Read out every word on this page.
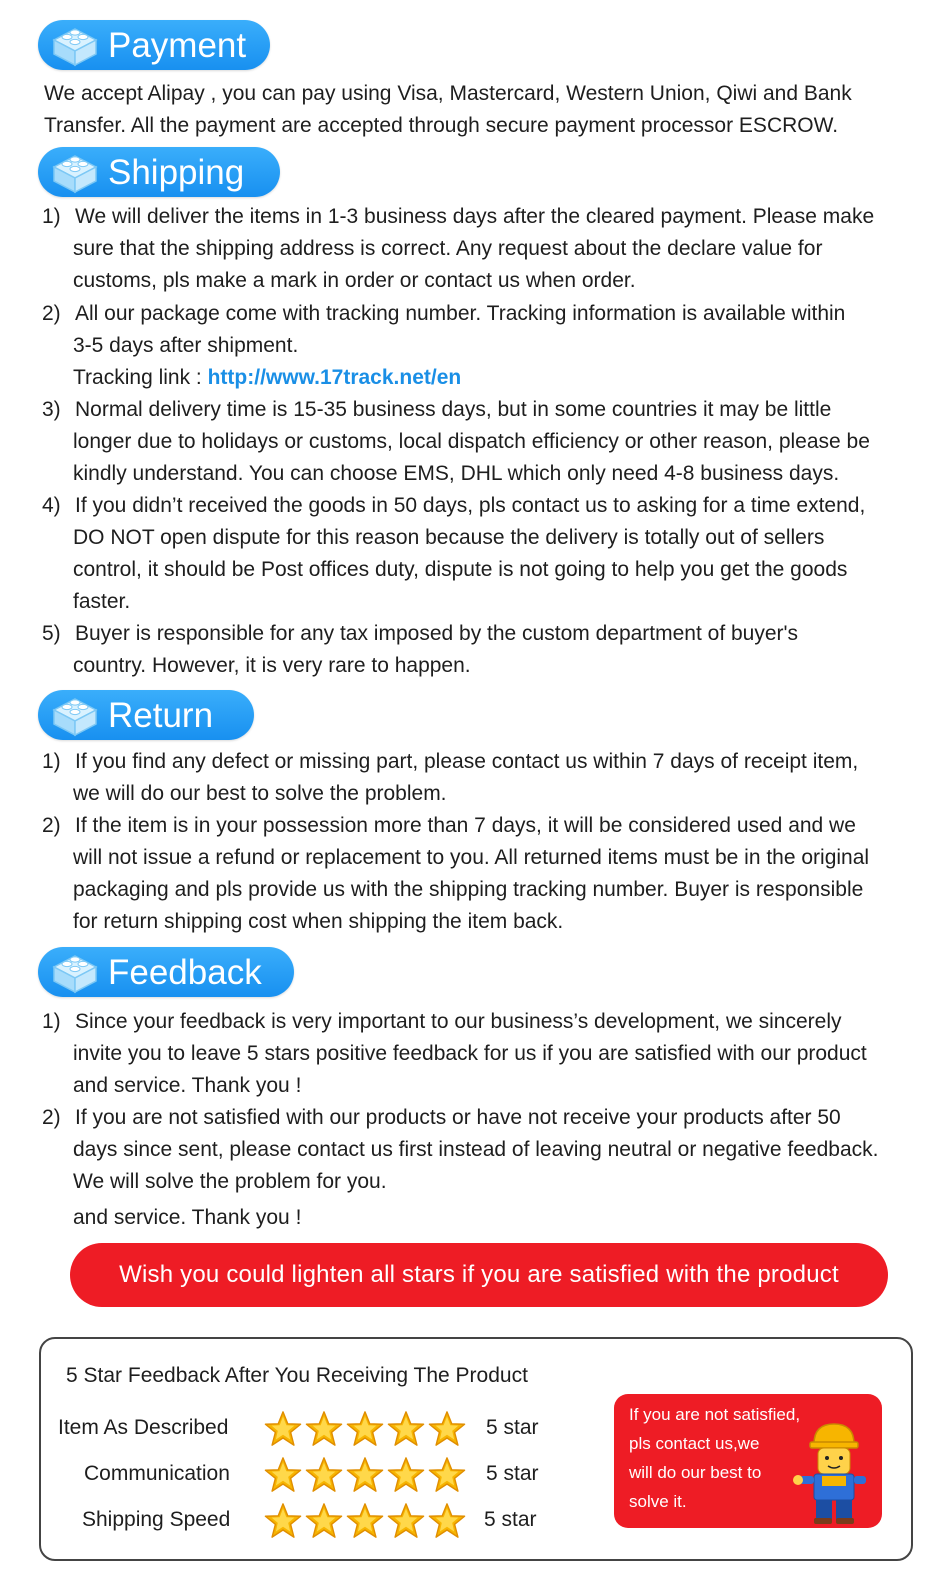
Payment
We accept Alipay , you can pay using Visa, Mastercard, Western Union, Qiwi and Bank
Transfer. All the payment are accepted through secure payment processor ESCROW.
Shipping
1) We will deliver the items in 1-3 business days after the cleared payment. Please make
sure that the shipping address is correct. Any request about the declare value for
customs, pls make a mark in order or contact us when order.
2) All our package come with tracking number. Tracking information is available within
3-5 days after shipment.
Tracking link : http://www.17track.net/en
3) Normal delivery time is 15-35 business days, but in some countries it may be little
longer due to holidays or customs, local dispatch efficiency or other reason, please be
kindly understand. You can choose EMS, DHL which only need 4-8 business days.
4) If you didn’t received the goods in 50 days, pls contact us to asking for a time extend,
DO NOT open dispute for this reason because the delivery is totally out of sellers
control, it should be Post offices duty, dispute is not going to help you get the goods
faster.
5) Buyer is responsible for any tax imposed by the custom department of buyer's
country. However, it is very rare to happen.
Return
1) If you find any defect or missing part, please contact us within 7 days of receipt item,
we will do our best to solve the problem.
2) If the item is in your possession more than 7 days, it will be considered used and we
will not issue a refund or replacement to you. All returned items must be in the original
packaging and pls provide us with the shipping tracking number. Buyer is responsible
for return shipping cost when shipping the item back.
Feedback
1) Since your feedback is very important to our business’s development, we sincerely
invite you to leave 5 stars positive feedback for us if you are satisfied with our product
and service. Thank you !
2) If you are not satisfied with our products or have not receive your products after 50
days since sent, please contact us first instead of leaving neutral or negative feedback.
We will solve the problem for you.
and service. Thank you !
Wish you could lighten all stars if you are satisfied with the product
5 Star Feedback After You Receiving The Product
Item As Described	5 star
Communication	5 star
Shipping Speed	5 star
If you are not satisfied,
pls contact us,we
will do our best to
solve it.
